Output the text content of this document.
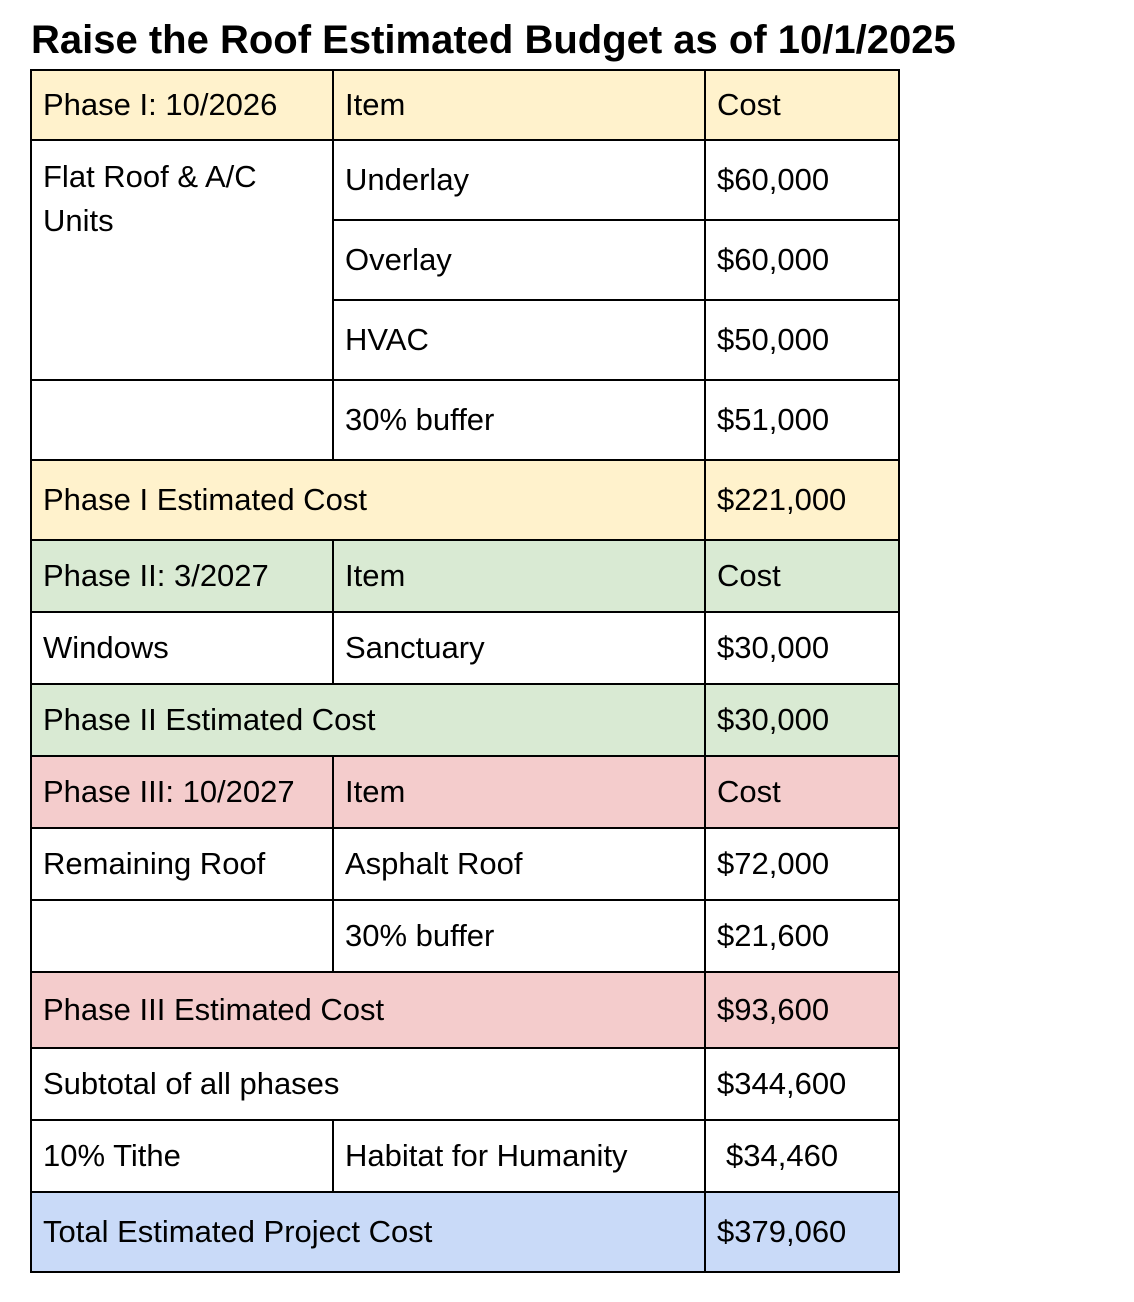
Raise the Roof Estimated Budget as of 10/1/2025
Phase I: 10/2026	Item	Cost
Flat Roof & A/C Units	Underlay	$60,000
	Overlay	$60,000
	HVAC	$50,000
	30% buffer	$51,000
Phase I Estimated Cost		$221,000
Phase II: 3/2027	Item	Cost
Windows	Sanctuary	$30,000
Phase II Estimated Cost		$30,000
Phase III: 10/2027	Item	Cost
Remaining Roof	Asphalt Roof	$72,000
	30% buffer	$21,600
Phase III Estimated Cost		$93,600
Subtotal of all phases		$344,600
10% Tithe	Habitat for Humanity	$34,460
Total Estimated Project Cost		$379,060
